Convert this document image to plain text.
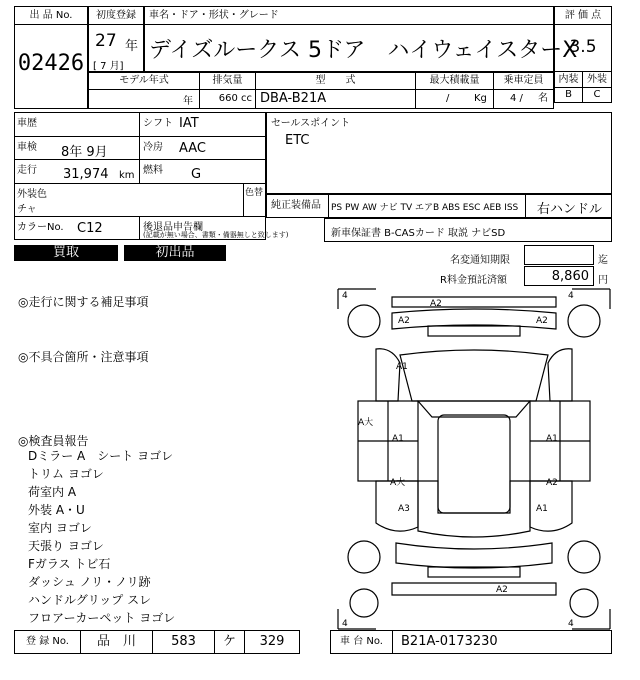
出 品 No.
02426
初度登録
27 年
[ 7 月]
車名・ドア・形状・グレード
デイズルークス 5ドア　ハイウェイスターX
評 価 点
3.5
内装 外装
B	C
モデル年式	排気量	型　　式	最大積載量	乗車定員
年	660 cc DBA-B21A	/ Kg 4 / 名
車歴	シフト IAT
車検 8年 9月	冷房 AAC
走行 31,974 km 燃料 G
外装色
チャ
色替
カラーNo. C12	後退品申告欄
(記載が無い場合、書類・備器無しと致します)
セールスポイント
ETC
純正装備品	PS PW AW ナビ TV エアB ABS ESC AEB ISS 右ハンドル
新車保証書 B-CASカード 取説 ナビSD
買取	初出品
名変通知期限	迄
R料金預託済額	8,860 円
◎走行に関する補足事項
◎不具合箇所・注意事項
◎検査員報告
Dミラー A　シート ヨゴレ
トリム ヨゴレ
荷室内 A
外装 A・U
室内 ヨゴレ
天張り ヨゴレ
Fガラス トビ石
ダッシュ ノリ・ノリ跡
ハンドルグリップ スレ
フロアーカーペット ヨゴレ
4	4
4	4
A2
A2	A2
A1
A大
A1	A1
A大	A2
A3	A1
A2
登 録 No.	品　川	583	ケ	329	車 台 No.	B21A-0173230
